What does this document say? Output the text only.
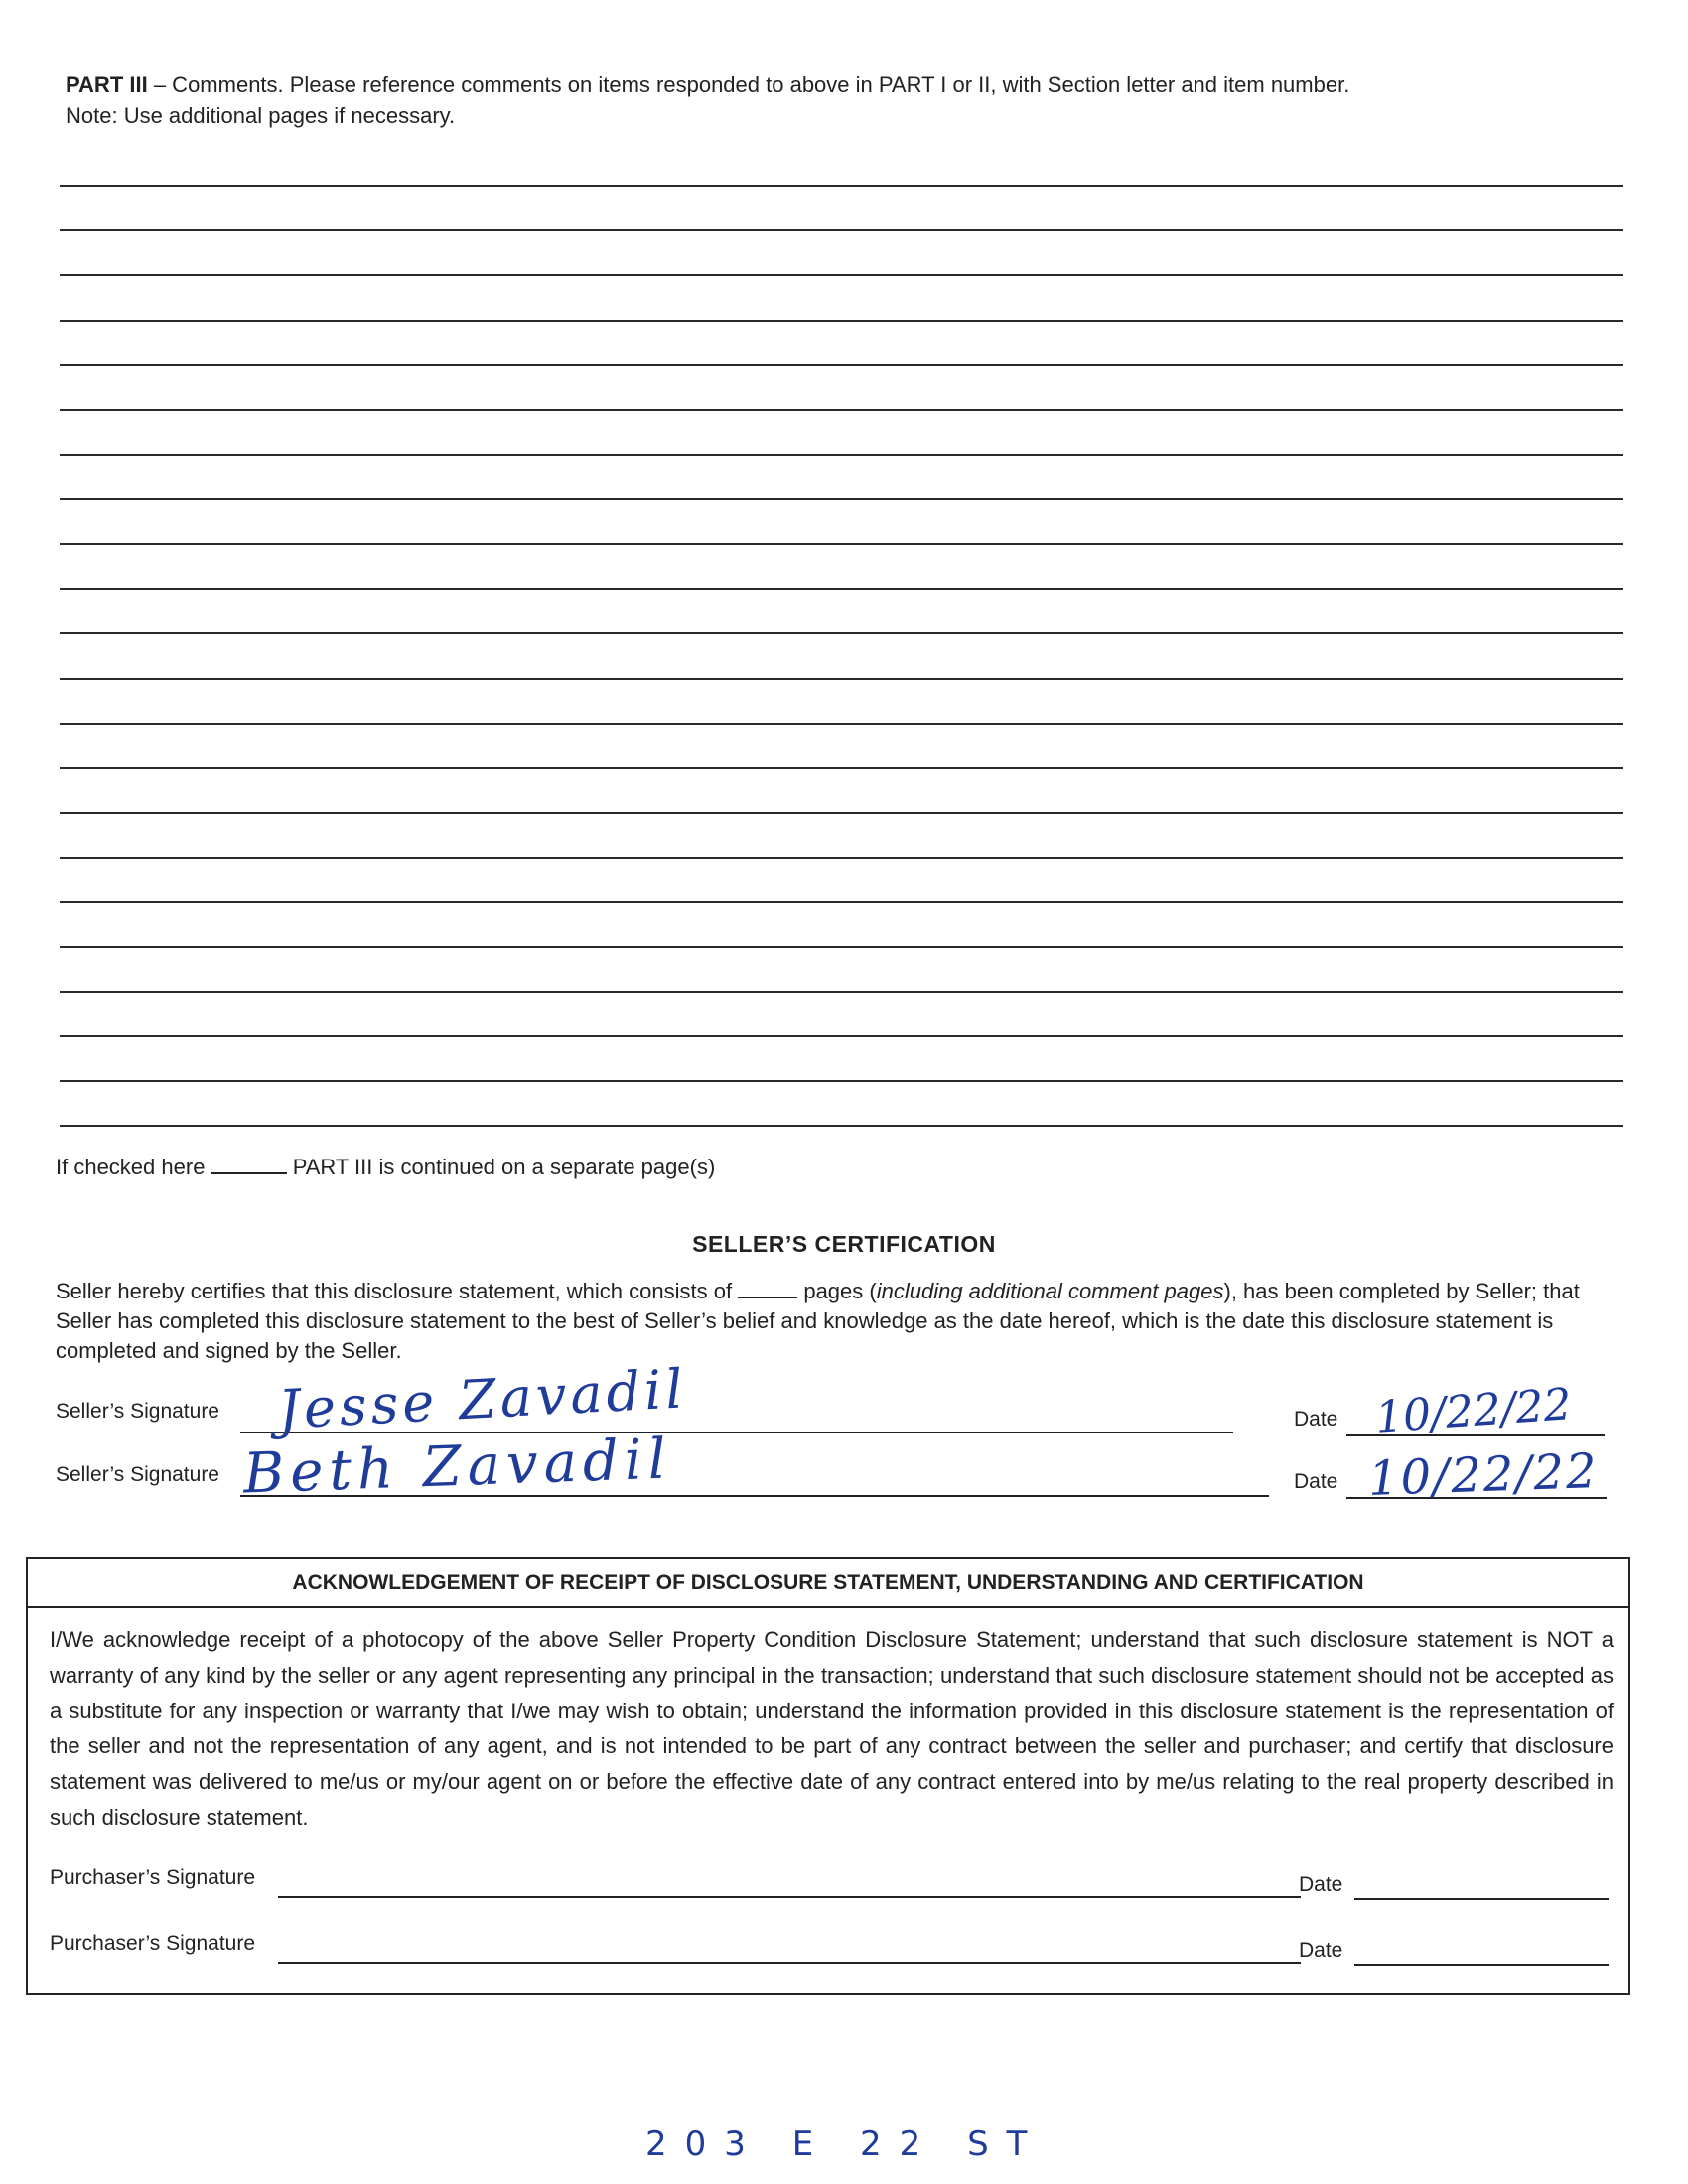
PART III – Comments. Please reference comments on items responded to above in PART I or II, with Section letter and item number.
Note: Use additional pages if necessary.
If checked here	PART III is continued on a separate page(s)
SELLER’S CERTIFICATION
Seller hereby certifies that this disclosure statement, which consists of	pages (including additional comment pages), has been completed by Seller; that Seller has completed this disclosure statement to the best of Seller’s belief and knowledge as the date hereof, which is the date this disclosure statement is completed and signed by the Seller.
Seller’s Signature Jesse Zavadil	Date 10/22/22
Seller’s Signature Beth Zavadil	Date 10/22/22
ACKNOWLEDGEMENT OF RECEIPT OF DISCLOSURE STATEMENT, UNDERSTANDING AND CERTIFICATION
I/We acknowledge receipt of a photocopy of the above Seller Property Condition Disclosure Statement; understand that such disclosure statement is NOT a warranty of any kind by the seller or any agent representing any principal in the transaction; understand that such disclosure statement should not be accepted as a substitute for any inspection or warranty that I/we may wish to obtain; understand the information provided in this disclosure statement is the representation of the seller and not the representation of any agent, and is not intended to be part of any contract between the seller and purchaser; and certify that disclosure statement was delivered to me/us or my/our agent on or before the effective date of any contract entered into by me/us relating to the real property described in such disclosure statement.
Purchaser’s Signature	Date
Purchaser’s Signature	Date
203 E 22 ST
